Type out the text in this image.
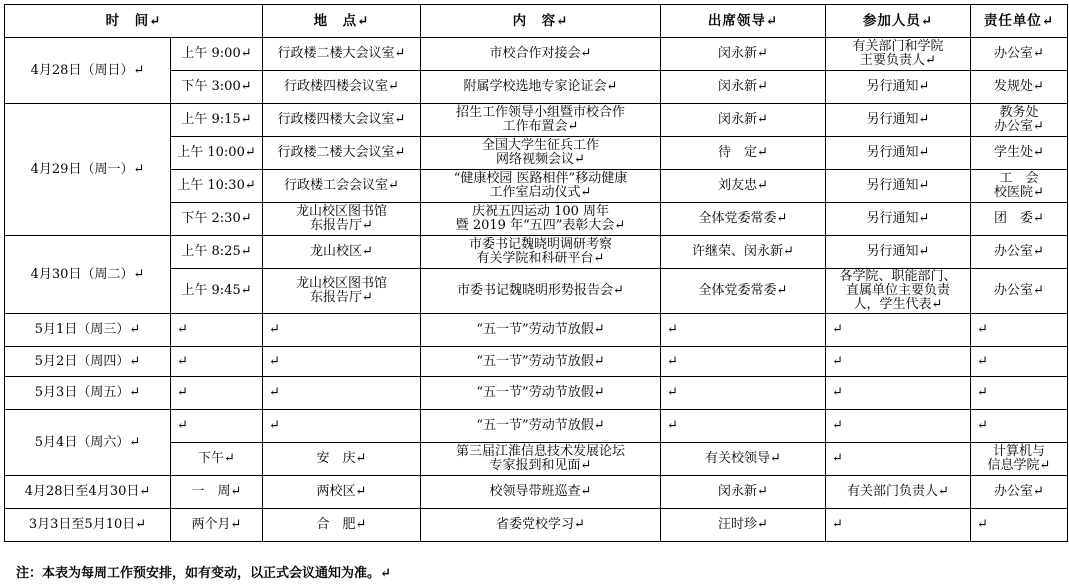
时　间↵		地　点↵	内　容↵	出席领导↵	参加人员↵	责任单位↵
4月28日（周日）↵	上午 9:00↵	行政楼二楼大会议室↵	市校合作对接会↵	闵永新↵	有关部门和学院
王要负责人↵	办公室↵
	下午 3:00↵	行政楼四楼会议室↵	附属学校选地专家论证会↵	闵永新↵	另行通知↵	发规处↵
4月29日（周一）↵	上午 9:15↵	行政楼四楼大会议室↵	招生工作领导小组暨市校合作
工作布置会↵	闵永新↵	另行通知↵	教务处
办公室↵
	上午 10:00↵	行政楼二楼大会议室↵	全国大学生征兵工作
网络视频会议↵	待　定↵	另行通知↵	学生处↵
	上午 10:30↵	行政楼工会会议室↵	“健康校园 医路相伴”移动健康
工作室启动仪式↵	刘友忠↵	另行通知↵	工　会
校医院↵
	下午 2:30↵	龙山校区图书馆
东报告厅↵	庆祝五四运动 100 周年
暨 2019 年“五四”表彰大会↵	全体党委常委↵	另行通知↵	团　委↵
4月30日（周二）↵	上午 8:25↵	龙山校区↵	市委书记魏晓明调研考察
有关学院和科研平台↵	许继荣、闵永新↵	另行通知↵	办公室↵
	上午 9:45↵	龙山校区图书馆
东报告厅↵	市委书记魏晓明形势报告会↵	全体党委常委↵	各学院、职能部门、
直属单位主要负责
人，学生代表↵	办公室↵
5月1日（周三）↵	↵	↵	“五一节”劳动节放假↵	↵	↵	↵
5月2日（周四）↵	↵	↵	“五一节”劳动节放假↵	↵	↵	↵
5月3日（周五）↵	↵	↵	“五一节”劳动节放假↵	↵	↵	↵
5月4日（周六）↵	↵	↵	“五一节”劳动节放假↵	↵	↵	↵
	下午↵	安　庆↵	第三届江淮信息技术发展论坛
专家报到和见面↵	有关校领导↵	↵	计算机与
信息学院↵
4月28日至4月30日↵	一　周↵	两校区↵	校领导带班巡查↵	闵永新↵	有关部门负责人↵	办公室↵
3月3日至5月10日↵	两个月↵	合　肥↵	省委党校学习↵	汪时珍↵	↵	↵
注：本表为每周工作预安排，如有变动，以正式会议通知为准。↵
